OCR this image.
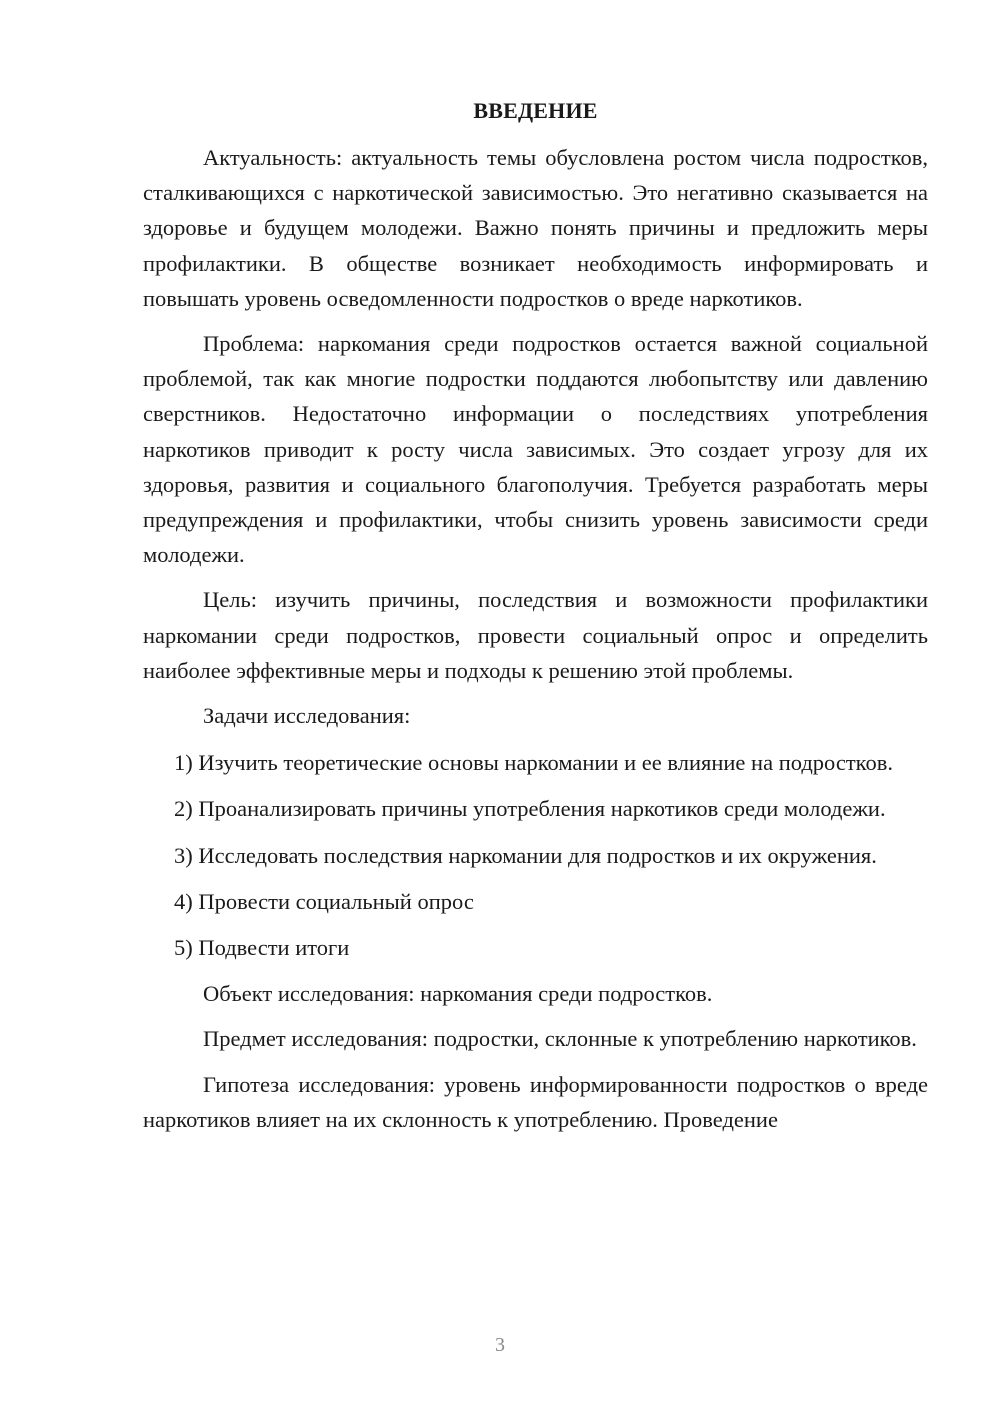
ВВЕДЕНИЕ

Актуальность: актуальность темы обусловлена ростом числа подростков, сталкивающихся с наркотической зависимостью. Это негативно сказывается на здоровье и будущем молодежи. Важно понять причины и предложить меры профилактики. В обществе возникает необходимость информировать и повышать уровень осведомленности подростков о вреде наркотиков.

Проблема: наркомания среди подростков остается важной социальной проблемой, так как многие подростки поддаются любопытству или давлению сверстников. Недостаточно информации о последствиях употребления наркотиков приводит к росту числа зависимых. Это создает угрозу для их здоровья, развития и социального благополучия. Требуется разработать меры предупреждения и профилактики, чтобы снизить уровень зависимости среди молодежи.

Цель: изучить причины, последствия и возможности профилактики наркомании среди подростков, провести социальный опрос и определить наиболее эффективные меры и подходы к решению этой проблемы.

Задачи исследования:

1) Изучить теоретические основы наркомании и ее влияние на подростков.

2) Проанализировать причины употребления наркотиков среди молодежи.

3) Исследовать последствия наркомании для подростков и их окружения.

4) Провести социальный опрос

5) Подвести итоги

Объект исследования: наркомания среди подростков.

Предмет исследования: подростки, склонные к употреблению наркотиков.

Гипотеза исследования: уровень информированности подростков о вреде наркотиков влияет на их склонность к употреблению. Проведение

3
